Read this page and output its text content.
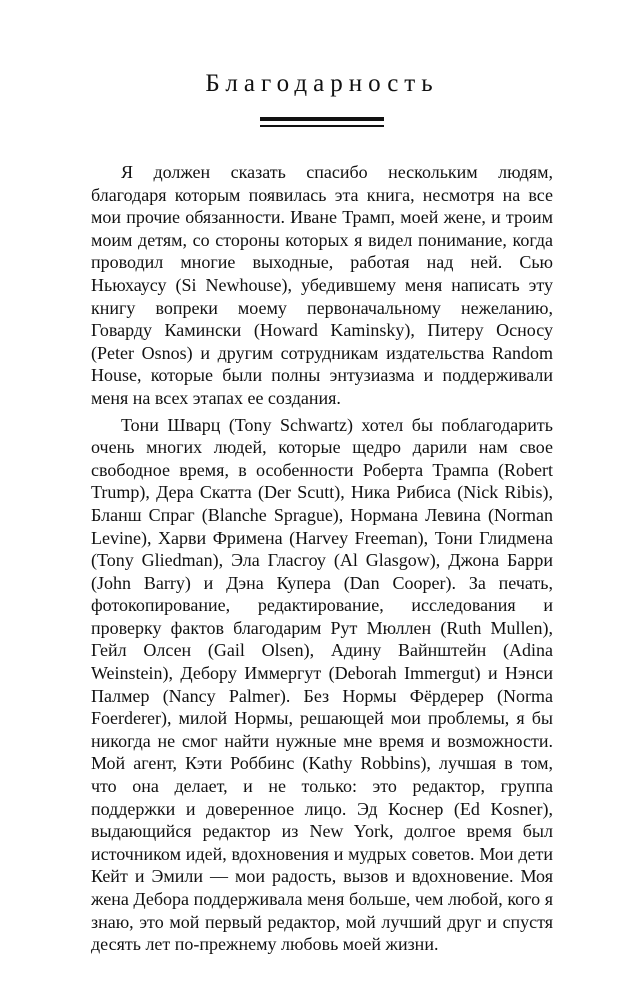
Благодарность

Я должен сказать спасибо нескольким людям, благодаря которым появилась эта книга, несмотря на все мои прочие обязанности. Иване Трамп, моей жене, и троим моим детям, со стороны которых я видел понимание, когда проводил многие выходные, работая над ней. Сью Ньюхаусу (Si Newhouse), убедившему меня написать эту книгу вопреки моему первоначальному нежеланию, Говарду Камински (Howard Kaminsky), Питеру Осносу (Peter Osnos) и другим сотрудникам издательства Random House, которые были полны энтузиазма и поддерживали меня на всех этапах ее создания.

Тони Шварц (Tony Schwartz) хотел бы поблагодарить очень многих людей, которые щедро дарили нам свое свободное время, в особенности Роберта Трампа (Robert Trump), Дера Скатта (Der Scutt), Ника Рибиса (Nick Ribis), Бланш Спраг (Blanche Sprague), Нормана Левина (Norman Levine), Харви Фримена (Harvey Freeman), Тони Глидмена (Tony Gliedman), Эла Гласгоу (Al Glasgow), Джона Барри (John Barry) и Дэна Купера (Dan Cooper). За печать, фотокопирование, редактирование, исследования и проверку фактов благодарим Рут Мюллен (Ruth Mullen), Гейл Олсен (Gail Olsen), Адину Вайнштейн (Adina Weinstein), Дебору Иммергут (Deborah Immergut) и Нэнси Палмер (Nancy Palmer). Без Нормы Фёрдерер (Norma Foerderer), милой Нормы, решающей мои проблемы, я бы никогда не смог найти нужные мне время и возможности. Мой агент, Кэти Роббинс (Kathy Robbins), лучшая в том, что она делает, и не только: это редактор, группа поддержки и доверенное лицо. Эд Коснер (Ed Kosner), выдающийся редактор из New York, долгое время был источником идей, вдохновения и мудрых советов. Мои дети Кейт и Эмили — мои радость, вызов и вдохновение. Моя жена Дебора поддерживала меня больше, чем любой, кого я знаю, это мой первый редактор, мой лучший друг и спустя десять лет по-прежнему любовь моей жизни.
